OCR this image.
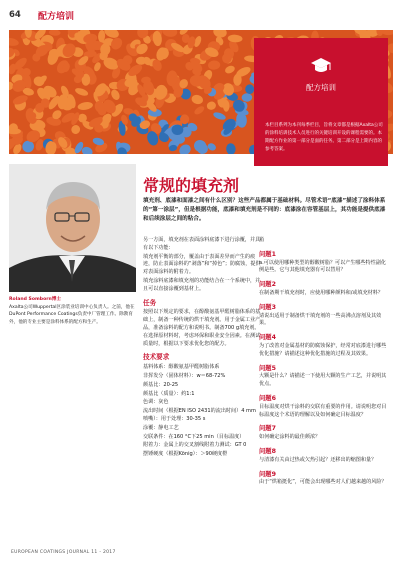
64 配方培训
配方培训
本栏目系列为本刊每季栏目，旨将文章都是根据Axalta公司的涂料培训技术人员进行的关键培训开设的课程需要的。本期配方作业的第一部分是面的任务。第二部分是上期内容的参考答案。
Roland Somborn博士
Axalta公司Wuppertal区涂装业培训中心负责人。之前，他在DuPont Performance Coatings负责中厂管理工作。除教育外，他的专业主要是涂料体系的配方和生产。
常规的填充剂
填充剂、底漆和面漆之间有什么区别？这些产品都属于基础材料。尽管术语“底漆”描述了涂料体系的“第一涂层”，但是根据功能，底漆和填充剂是不同的：底漆涂在容管基层上，其功能是提供底漆和后续涂层之间的粘合。

另一方面，填充剂在表面涂料底漆下进行涂覆，并具有以下功能：

填充剂平衡的部分，覆盖由于表面差异而产生的痕迹，防止表面涂料的“剥落”和“掉色”；防腐蚀，提供对表面涂料的附着力。

填充涂料底漆和填充剂的功能结合在一个系统中，并且可以直接涂覆到基材上。

任务

按照以下规定的要求，在醇酸氨基甲醛树脂体系的基础上，制备一种传统的烘干填充剂。用于金属工业产品，准备涂料的配方和说明书。制备700 g填充剂。在选择原材料时，考虑环保和职业安全因素。在测试质量时，根据以下要求优化您的配方。

技术要求

基料体系：醇酸氨基甲醛树脂体系

非挥发分（固体材料）：w＝68-72%

颜基比：20-25

颜基比（质量）：约1:1

色调：灰色

流出时间（根据EN ISO 2431的流出时间）4 mm喷嘴）：用于处理：30-35 s

涂覆：静电工艺

交联条件：在160 °C下25 min（目标温度）

附着力：金属上的交叉割线附着力测试：GT 0

摆锤硬度（根据König）：＞90硬度橙

箱

问题1

a.可以使用哪种类型的醇酸树脂？可以产生哪些特性副化例是些。它与其他填充器有可以替用？

问题2

在制备期干填充剂时，应使用哪种颜料和/或填充材料？

问题3

请说出适用于制备烘干填充剂的一些高沸点溶剂及其效果。

问题4

为了改善对金属基材的防腐蚀保护，经常对底漆进行哪些优化措施？请描述这种优化措施的过程及其效果。

问题5

大颗是什么？请描述一下使用大颗的生产工艺，并说明其优点。

问题6

目标温度对烘干涂料的交联有重要的作用。请说明您对目标温度这个术语的理解以及如何确定目标温度？

问题7

如何确定涂料的最佳颜浓？

问题8

与清漆有关由过热或欠热引起？还移出的缩图和量？

问题9

由于“烘箱挺化”，可能会出现哪些对人们越来越的风险？

EUROPEAN COATINGS JOURNAL 11 - 2017
